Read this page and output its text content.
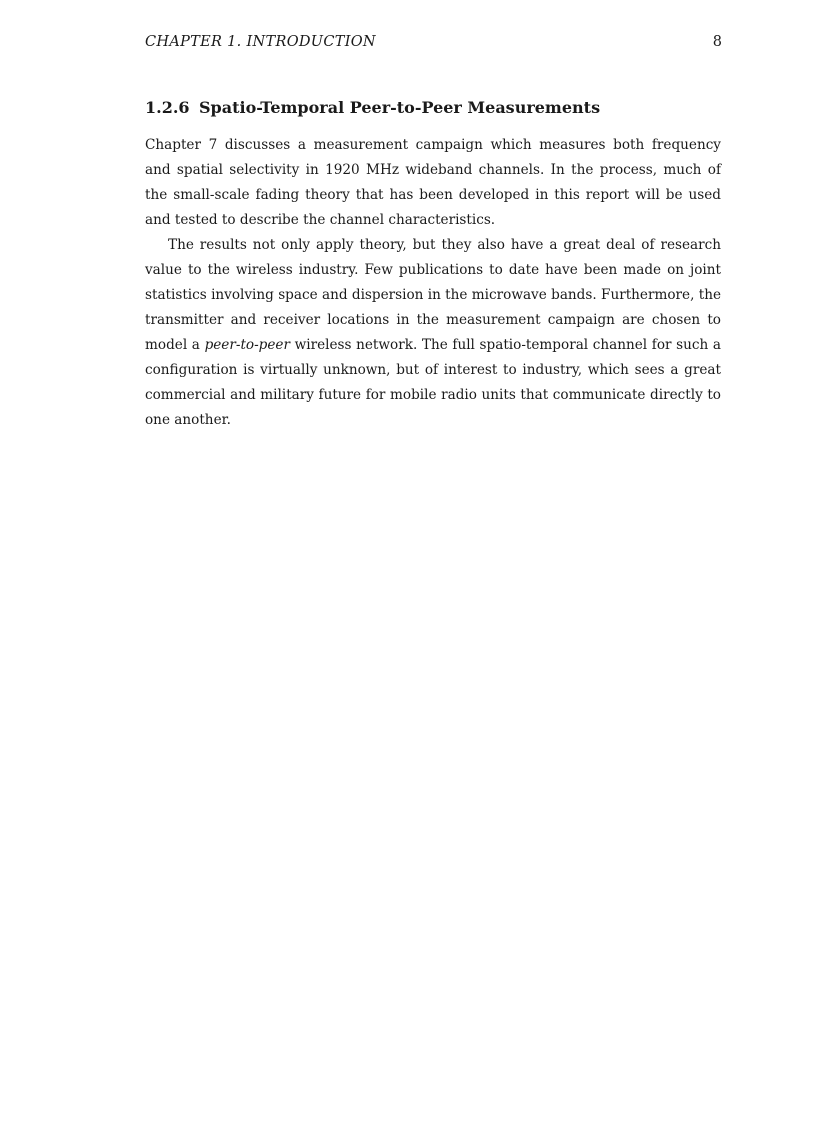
CHAPTER 1. INTRODUCTION	8
1.2.6 Spatio-Temporal Peer-to-Peer Measurements

Chapter 7 discusses a measurement campaign which measures both frequency and spatial selectivity in 1920 MHz wideband channels. In the process, much of the small-scale fading theory that has been developed in this report will be used and tested to describe the channel characteristics.

The results not only apply theory, but they also have a great deal of research value to the wireless industry. Few publications to date have been made on joint statistics involving space and dispersion in the microwave bands. Furthermore, the transmitter and receiver locations in the measurement campaign are chosen to model a peer-to-peer wireless network. The full spatio-temporal channel for such a configuration is virtually unknown, but of interest to industry, which sees a great commercial and military future for mobile radio units that communicate directly to one another.
